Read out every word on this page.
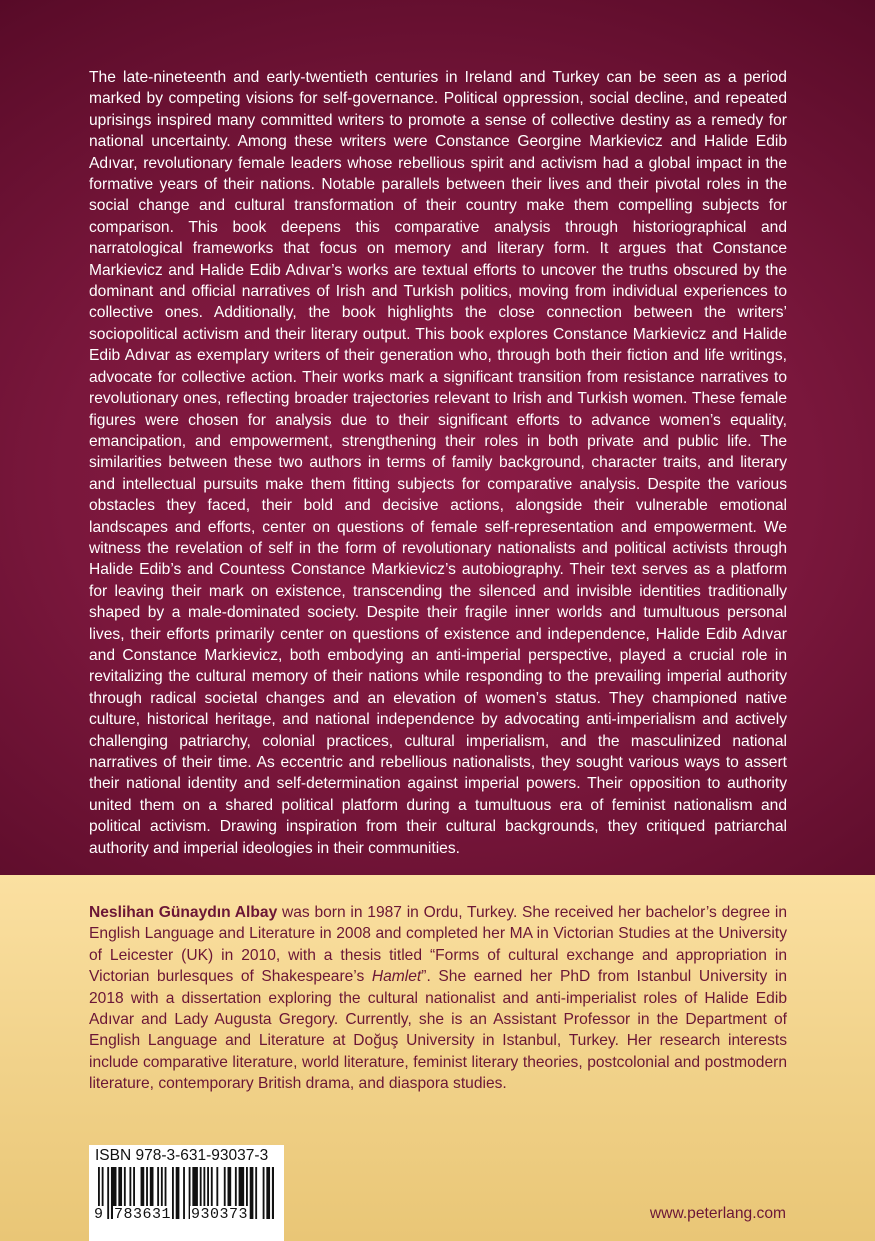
The late-nineteenth and early-twentieth centuries in Ireland and Turkey can be seen as a period marked by competing visions for self-governance. Political oppression, social decline, and repeated uprisings inspired many committed writers to promote a sense of collective destiny as a remedy for national uncertainty. Among these writers were Constance Georgine Markievicz and Halide Edib Adıvar, revolutionary female leaders whose rebellious spirit and activism had a global impact in the formative years of their nations. Notable parallels between their lives and their pivotal roles in the social change and cultural transformation of their country make them compelling subjects for comparison. This book deepens this comparative analysis through historiographical and narratological frameworks that focus on memory and literary form. It argues that Constance Markievicz and Halide Edib Adıvar’s works are textual efforts to uncover the truths obscured by the dominant and official narratives of Irish and Turkish politics, moving from individual experiences to collective ones. Additionally, the book highlights the close connection between the writers’ sociopolitical activism and their literary output. This book explores Constance Markievicz and Halide Edib Adıvar as exemplary writers of their generation who, through both their fiction and life writings, advocate for collective action. Their works mark a significant transition from resistance narratives to revolutionary ones, reflecting broader trajectories relevant to Irish and Turkish women. These female figures were chosen for analysis due to their significant efforts to advance women’s equality, emancipation, and empowerment, strengthening their roles in both private and public life. The similarities between these two authors in terms of family background, character traits, and literary and intellectual pursuits make them fitting subjects for comparative analysis. Despite the various obstacles they faced, their bold and decisive actions, alongside their vulnerable emotional landscapes and efforts, center on questions of female self-representation and empowerment. We witness the revelation of self in the form of revolutionary nationalists and political activists through Halide Edib’s and Countess Constance Markievicz’s autobiography. Their text serves as a platform for leaving their mark on existence, transcending the silenced and invisible identities traditionally shaped by a male-dominated society. Despite their fragile inner worlds and tumultuous personal lives, their efforts primarily center on questions of existence and independence, Halide Edib Adıvar and Constance Markievicz, both embodying an anti-imperial perspective, played a crucial role in revitalizing the cultural memory of their nations while responding to the prevailing imperial authority through radical societal changes and an elevation of women’s status. They championed native culture, historical heritage, and national independence by advocating anti-imperialism and actively challenging patriarchy, colonial practices, cultural imperialism, and the masculinized national narratives of their time. As eccentric and rebellious nationalists, they sought various ways to assert their national identity and self-determination against imperial powers. Their opposition to authority united them on a shared political platform during a tumultuous era of feminist nationalism and political activism. Drawing inspiration from their cultural backgrounds, they critiqued patriarchal authority and imperial ideologies in their communities.

Neslihan Günaydın Albay was born in 1987 in Ordu, Turkey. She received her bachelor’s degree in English Language and Literature in 2008 and completed her MA in Victorian Studies at the University of Leicester (UK) in 2010, with a thesis titled “Forms of cultural exchange and appropriation in Victorian burlesques of Shakespeare’s Hamlet”. She earned her PhD from Istanbul University in 2018 with a dissertation exploring the cultural nationalist and anti-imperialist roles of Halide Edib Adıvar and Lady Augusta Gregory. Currently, she is an Assistant Professor in the Department of English Language and Literature at Doğuş University in Istanbul, Turkey. Her research interests include comparative literature, world literature, feminist literary theories, postcolonial and postmodern literature, contemporary British drama, and diaspora studies.

ISBN 978-3-631-93037-3
9 783631 930373	www.peterlang.com
